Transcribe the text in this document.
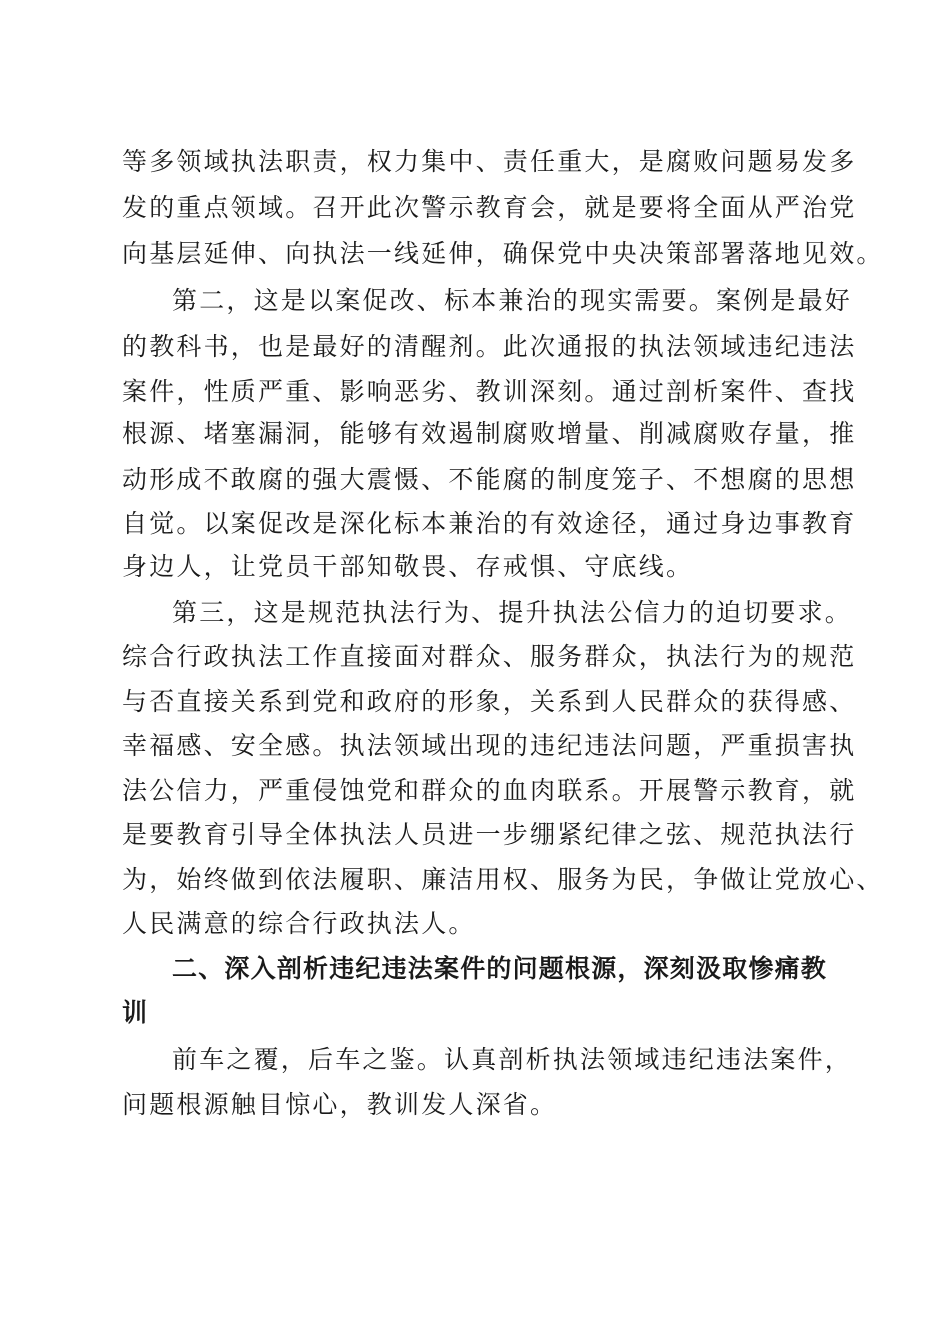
等多领域执法职责，权力集中、责任重大，是腐败问题易发多
发的重点领域。召开此次警示教育会，就是要将全面从严治党
向基层延伸、向执法一线延伸，确保党中央决策部署落地见效。
第二，这是以案促改、标本兼治的现实需要。案例是最好
的教科书，也是最好的清醒剂。此次通报的执法领域违纪违法
案件，性质严重、影响恶劣、教训深刻。通过剖析案件、查找
根源、堵塞漏洞，能够有效遏制腐败增量、削减腐败存量，推
动形成不敢腐的强大震慑、不能腐的制度笼子、不想腐的思想
自觉。以案促改是深化标本兼治的有效途径，通过身边事教育
身边人，让党员干部知敬畏、存戒惧、守底线。
第三，这是规范执法行为、提升执法公信力的迫切要求。
综合行政执法工作直接面对群众、服务群众，执法行为的规范
与否直接关系到党和政府的形象，关系到人民群众的获得感、
幸福感、安全感。执法领域出现的违纪违法问题，严重损害执
法公信力，严重侵蚀党和群众的血肉联系。开展警示教育，就
是要教育引导全体执法人员进一步绷紧纪律之弦、规范执法行
为，始终做到依法履职、廉洁用权、服务为民，争做让党放心、
人民满意的综合行政执法人。
二、深入剖析违纪违法案件的问题根源，深刻汲取惨痛教
训
前车之覆，后车之鉴。认真剖析执法领域违纪违法案件，
问题根源触目惊心，教训发人深省。
